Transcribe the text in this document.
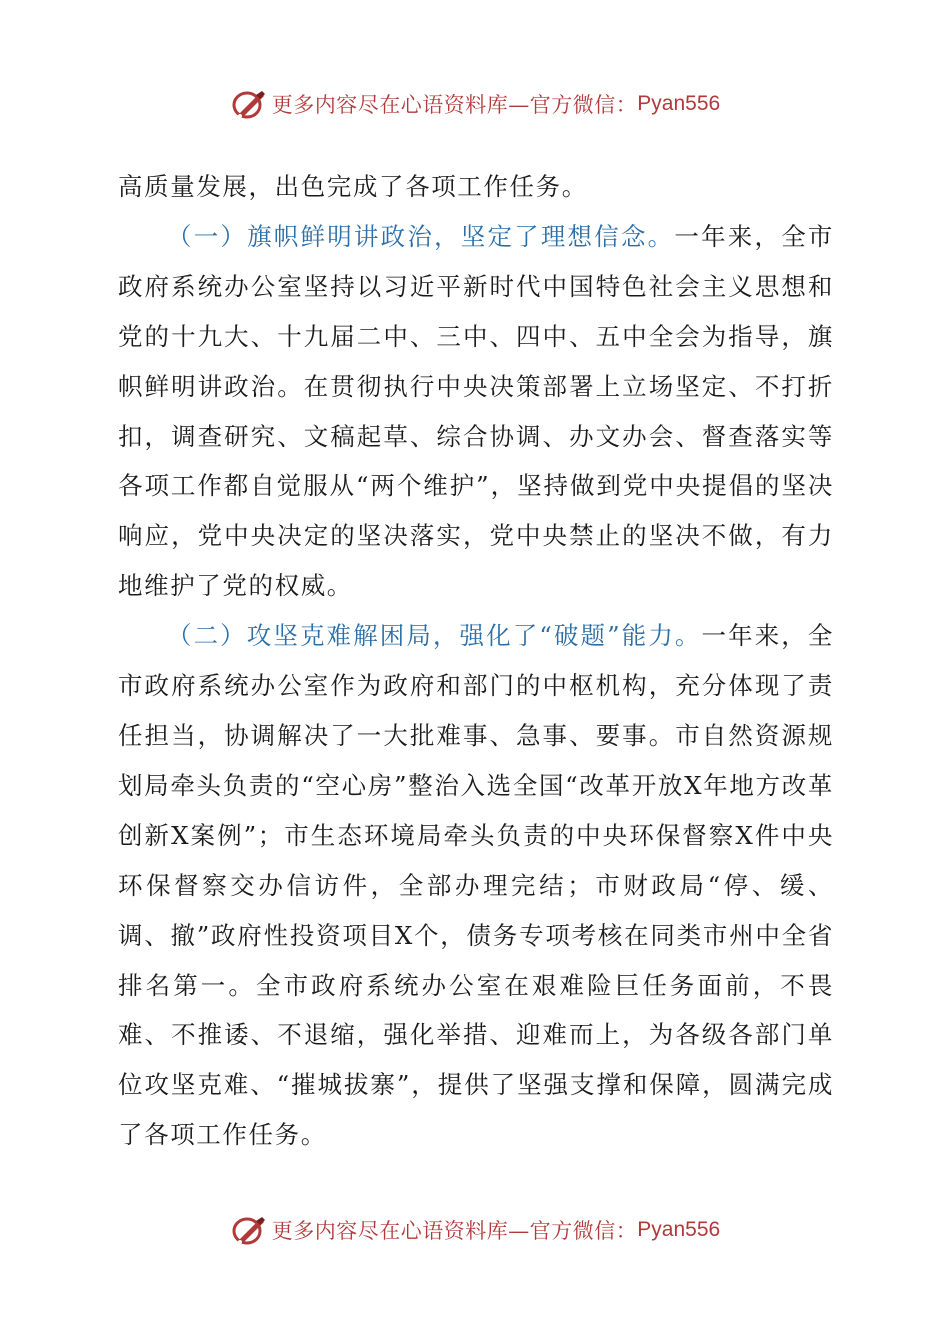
更多内容尽在心语资料库—官方微信： Pyan556

高质量发展，出色完成了各项工作任务。

（一）旗帜鲜明讲政治，坚定了理想信念。一年来，全市政府系统办公室坚持以习近平新时代中国特色社会主义思想和党的十九大、十九届二中、三中、四中、五中全会为指导，旗帜鲜明讲政治。在贯彻执行中央决策部署上立场坚定、不打折扣，调查研究、文稿起草、综合协调、办文办会、督查落实等各项工作都自觉服从“两个维护”，坚持做到党中央提倡的坚决响应，党中央决定的坚决落实，党中央禁止的坚决不做，有力地维护了党的权威。

（二）攻坚克难解困局，强化了“破题”能力。一年来，全市政府系统办公室作为政府和部门的中枢机构，充分体现了责任担当，协调解决了一大批难事、急事、要事。市自然资源规划局牵头负责的“空心房”整治入选全国“改革开放X年地方改革创新X案例”；市生态环境局牵头负责的中央环保督察X件中央环保督察交办信访件，全部办理完结；市财政局“停、缓、调、撤”政府性投资项目X个，债务专项考核在同类市州中全省排名第一。全市政府系统办公室在艰难险巨任务面前，不畏难、不推诿、不退缩，强化举措、迎难而上，为各级各部门单位攻坚克难、“摧城拔寨”，提供了坚强支撑和保障，圆满完成了各项工作任务。

更多内容尽在心语资料库—官方微信： Pyan556
